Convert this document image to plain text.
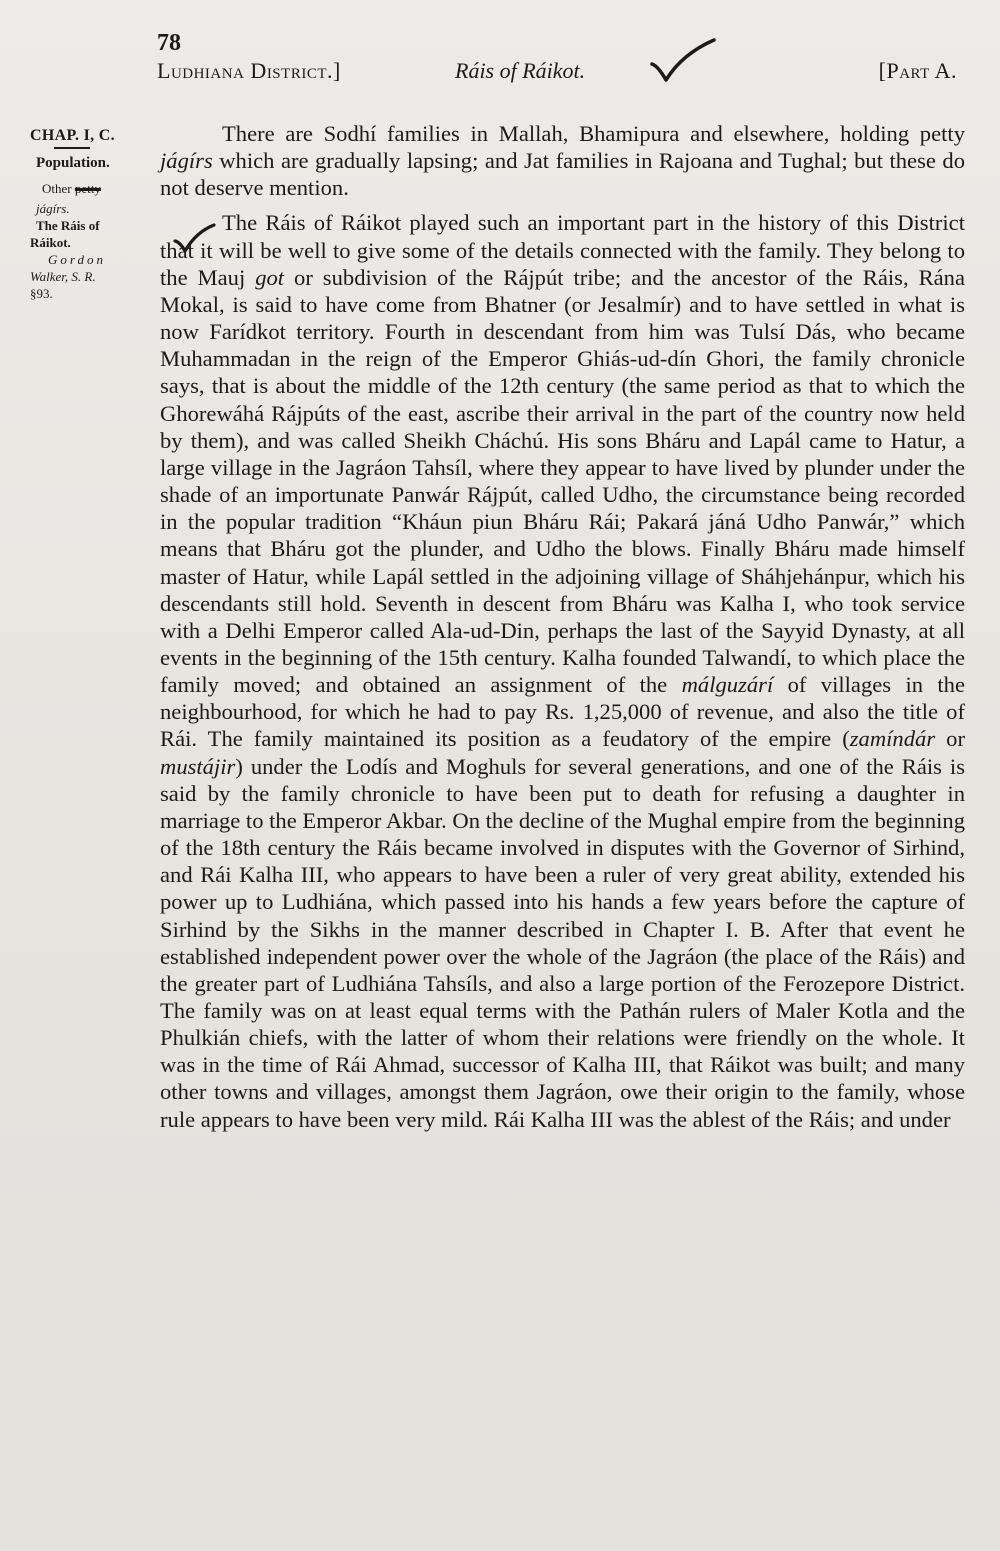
78
Ludhiana District.]	Ráis of Ráikot.	[Part A.
CHAP. I, C.
Population.
Other petty
jágírs.
The Ráis of
Ráikot.
Gordon
Walker, S. R.
§93.

There are Sodhí families in Mallah, Bhamipura and elsewhere, holding petty jágírs which are gradually lapsing; and Jat families in Rajoana and Tughal; but these do not deserve mention.

The Ráis of Ráikot played such an important part in the history of this District that it will be well to give some of the details connected with the family. They belong to the Mauj got or subdivision of the Rájpút tribe; and the ancestor of the Ráis, Rána Mokal, is said to have come from Bhatner (or Jesalmír) and to have settled in what is now Farídkot territory. Fourth in descendant from him was Tulsí Dás, who became Muhammadan in the reign of the Emperor Ghiás-ud-dín Ghori, the family chronicle says, that is about the middle of the 12th century (the same period as that to which the Ghorewáhá Rájpúts of the east, ascribe their arrival in the part of the country now held by them), and was called Sheikh Cháchú. His sons Bháru and Lapál came to Hatur, a large village in the Jagráon Tahsíl, where they appear to have lived by plunder under the shade of an importunate Panwár Rájpút, called Udho, the circumstance being recorded in the popular tradition “Kháun piun Bháru Rái; Pakará jáná Udho Panwár,” which means that Bháru got the plunder, and Udho the blows. Finally Bháru made himself master of Hatur, while Lapál settled in the adjoining village of Sháhjehánpur, which his descendants still hold. Seventh in descent from Bháru was Kalha I, who took service with a Delhi Emperor called Ala-ud-Din, perhaps the last of the Sayyid Dynasty, at all events in the beginning of the 15th century. Kalha founded Talwandí, to which place the family moved; and obtained an assignment of the málguzárí of villages in the neighbourhood, for which he had to pay Rs. 1,25,000 of revenue, and also the title of Rái. The family maintained its position as a feudatory of the empire (zamíndár or mustájir) under the Lodís and Moghuls for several generations, and one of the Ráis is said by the family chronicle to have been put to death for refusing a daughter in marriage to the Emperor Akbar. On the decline of the Mughal empire from the beginning of the 18th century the Ráis became involved in disputes with the Governor of Sirhind, and Rái Kalha III, who appears to have been a ruler of very great ability, extended his power up to Ludhiána, which passed into his hands a few years before the capture of Sirhind by the Sikhs in the manner described in Chapter I. B. After that event he established independent power over the whole of the Jagráon (the place of the Ráis) and the greater part of Ludhiána Tahsíls, and also a large portion of the Ferozepore District. The family was on at least equal terms with the Pathán rulers of Maler Kotla and the Phulkián chiefs, with the latter of whom their relations were friendly on the whole. It was in the time of Rái Ahmad, successor of Kalha III, that Ráikot was built; and many other towns and villages, amongst them Jagráon, owe their origin to the family, whose rule appears to have been very mild. Rái Kalha III was the ablest of the Ráis; and under
